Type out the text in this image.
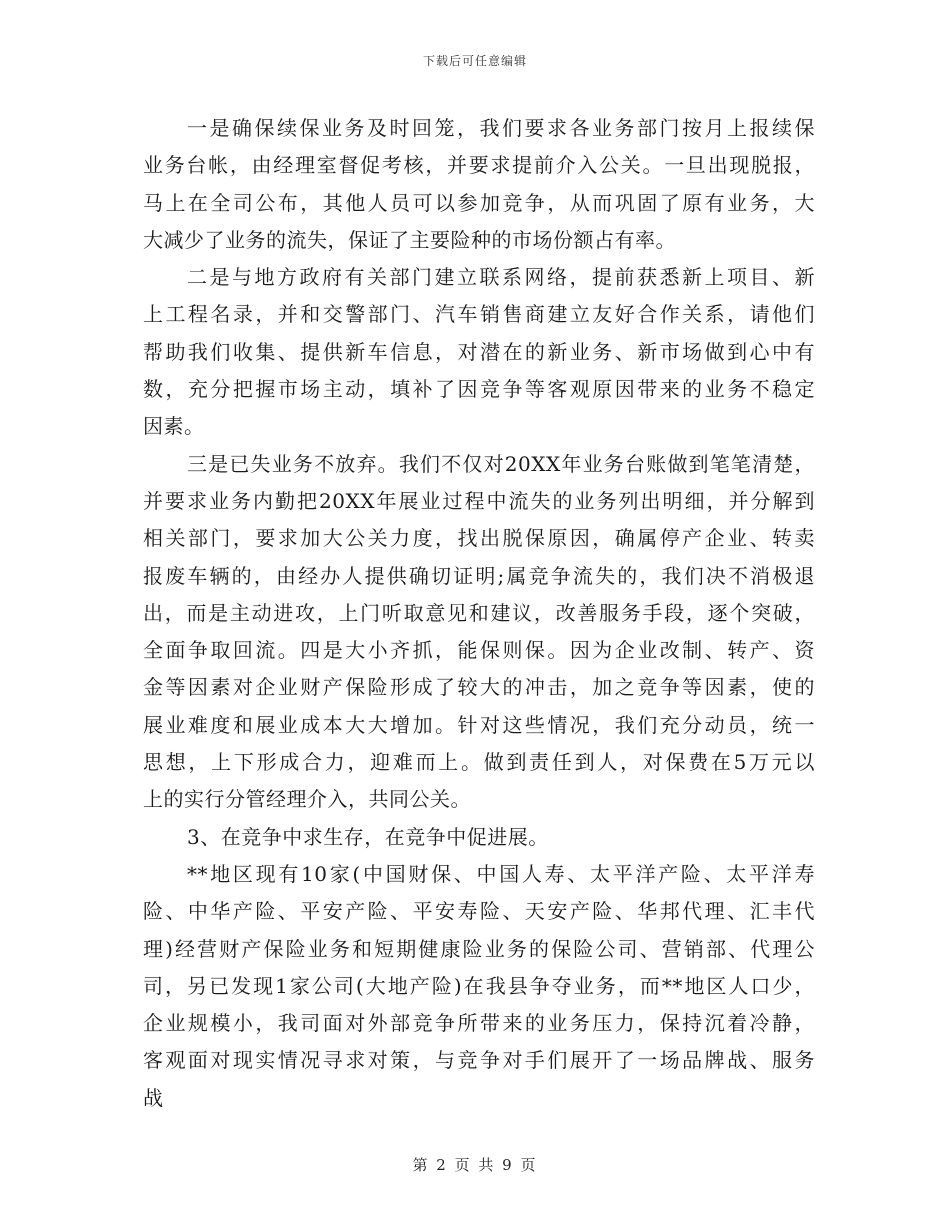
下载后可任意编辑
一是确保续保业务及时回笼，我们要求各业务部门按月上报续保
业务台帐，由经理室督促考核，并要求提前介入公关。一旦出现脱报，
马上在全司公布，其他人员可以参加竞争，从而巩固了原有业务，大
大减少了业务的流失，保证了主要险种的市场份额占有率。
二是与地方政府有关部门建立联系网络，提前获悉新上项目、新
上工程名录，并和交警部门、汽车销售商建立友好合作关系，请他们
帮助我们收集、提供新车信息，对潜在的新业务、新市场做到心中有
数，充分把握市场主动，填补了因竞争等客观原因带来的业务不稳定
因素。
三是已失业务不放弃。我们不仅对20XX年业务台账做到笔笔清楚，
并要求业务内勤把20XX年展业过程中流失的业务列出明细，并分解到
相关部门，要求加大公关力度，找出脱保原因，确属停产企业、转卖
报废车辆的，由经办人提供确切证明;属竞争流失的，我们决不消极退
出，而是主动进攻，上门听取意见和建议，改善服务手段，逐个突破，
全面争取回流。四是大小齐抓，能保则保。因为企业改制、转产、资
金等因素对企业财产保险形成了较大的冲击，加之竞争等因素，使的
展业难度和展业成本大大增加。针对这些情况，我们充分动员，统一
思想，上下形成合力，迎难而上。做到责任到人，对保费在5万元以
上的实行分管经理介入，共同公关。
3、在竞争中求生存，在竞争中促进展。
**地区现有10家(中国财保、中国人寿、太平洋产险、太平洋寿
险、中华产险、平安产险、平安寿险、天安产险、华邦代理、汇丰代
理)经营财产保险业务和短期健康险业务的保险公司、营销部、代理公
司，另已发现1家公司(大地产险)在我县争夺业务，而**地区人口少，
企业规模小，我司面对外部竞争所带来的业务压力，保持沉着冷静，
客观面对现实情况寻求对策，与竞争对手们展开了一场品牌战、服务
战
第 2 页 共 9 页
